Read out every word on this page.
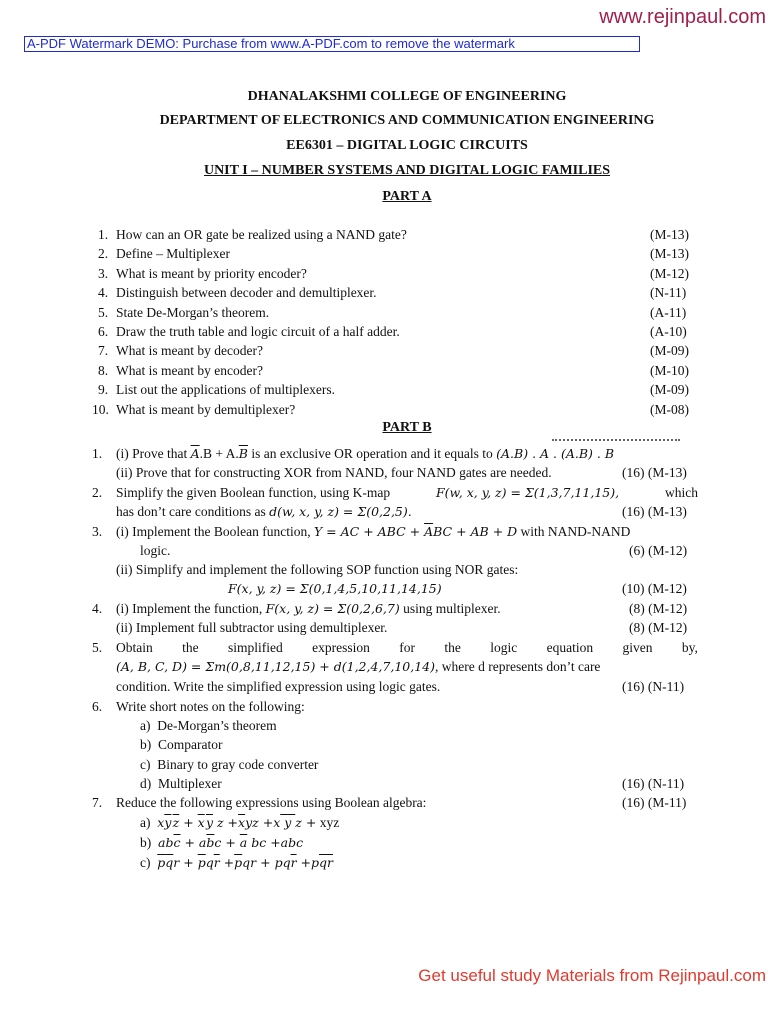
www.rejinpaul.com
A-PDF Watermark DEMO: Purchase from www.A-PDF.com to remove the watermark
DHANALAKSHMI COLLEGE OF ENGINEERING
DEPARTMENT OF ELECTRONICS AND COMMUNICATION ENGINEERING
EE6301 – DIGITAL LOGIC CIRCUITS
UNIT I – NUMBER SYSTEMS AND DIGITAL LOGIC FAMILIES
PART A
1. How can an OR gate be realized using a NAND gate?	(M-13)
2. Define – Multiplexer	(M-13)
3. What is meant by priority encoder?	(M-12)
4. Distinguish between decoder and demultiplexer.	(N-11)
5. State De-Morgan’s theorem.	(A-11)
6. Draw the truth table and logic circuit of a half adder.	(A-10)
7. What is meant by decoder?	(M-09)
8. What is meant by encoder?	(M-10)
9. List out the applications of multiplexers.	(M-09)
10. What is meant by demultiplexer?	(M-08)
PART B
1. (i) Prove that $\overline{A}.B + A.\overline{B}$ is an exclusive OR operation and it equals to (A.B) . A . (A.B) . B
(ii) Prove that for constructing XOR from NAND, four NAND gates are needed.	(16) (M-13)
2. Simplify the given Boolean function, using K-map	F(w, x, y, z) = Σ(1,3,7,11,15),	which
has don’t care conditions as d(w, x, y, z) = Σ(0,2,5).	(16) (M-13)
3. (i) Implement the Boolean function, Y = AC + ABC + $\overline{A}BC$ + AB + D with NAND-NAND
logic.	(6) (M-12)
(ii) Simplify and implement the following SOP function using NOR gates:
F(x, y, z) = Σ(0,1,4,5,10,11,14,15)	(10) (M-12)
4. (i) Implement the function, F(x, y, z) = Σ(0,2,6,7) using multiplexer.	(8) (M-12)
(ii) Implement full subtractor using demultiplexer.	(8) (M-12)
5. Obtain the simplified expression for the logic equation given by,
(A, B, C, D) = Σm(0,8,11,12,15) + d(1,2,4,7,10,14), where d represents don’t care
condition. Write the simplified expression using logic gates.	(16) (N-11)
6. Write short notes on the following:
a) De-Morgan’s theorem
b) Comparator
c) Binary to gray code converter
d) Multiplexer	(16) (N-11)
7. Reduce the following expressions using Boolean algebra:	(16) (M-11)
a) $x\overline{y}$ $\overline{z} + \overline{x}$ $\overline{y}$ $z +\overline{x}yz +x$ y z + xyz
b) $ab\overline{c} + a\overline{b}c + \overline{a}$ bc +abc
c) $\overline{p}\overline{q}r + \overline{p}q\overline{r} +\overline{p}qr + pq\overline{r} +p\overline{q}\overline{r}$
Get useful study Materials from Rejinpaul.com
